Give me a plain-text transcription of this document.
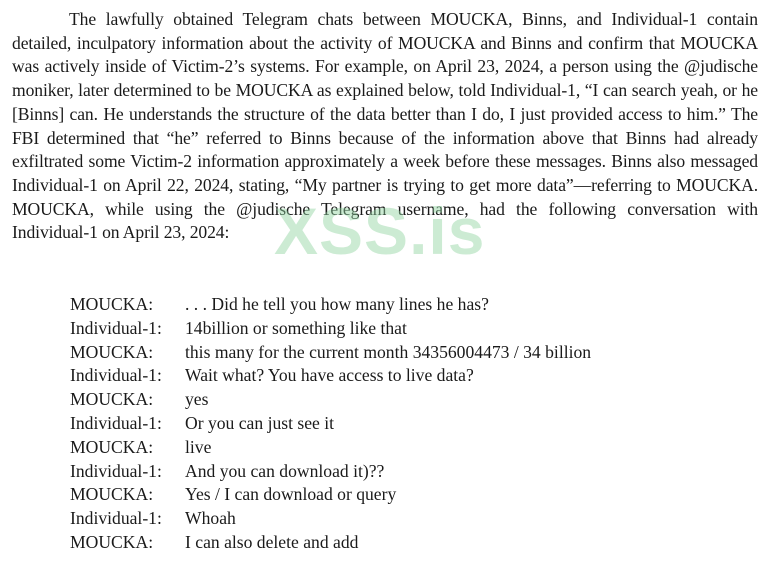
The lawfully obtained Telegram chats between MOUCKA, Binns, and Individual-1 contain detailed, inculpatory information about the activity of MOUCKA and Binns and confirm that MOUCKA was actively inside of Victim-2’s systems. For example, on April 23, 2024, a person using the @judische moniker, later determined to be MOUCKA as explained below, told Individual-1, “I can search yeah, or he [Binns] can. He understands the structure of the data better than I do, I just provided access to him.” The FBI determined that “he” referred to Binns because of the information above that Binns had already exfiltrated some Victim-2 information approximately a week before these messages. Binns also messaged Individual-1 on April 22, 2024, stating, “My partner is trying to get more data”—referring to MOUCKA. MOUCKA, while using the @judische Telegram username, had the following conversation with Individual-1 on April 23, 2024:

MOUCKA:	. . . Did he tell you how many lines he has?
Individual-1:	14billion or something like that
MOUCKA:	this many for the current month 34356004473 / 34 billion
Individual-1:	Wait what? You have access to live data?
MOUCKA:	yes
Individual-1:	Or you can just see it
MOUCKA:	live
Individual-1:	And you can download it)??
MOUCKA:	Yes / I can download or query
Individual-1:	Whoah
MOUCKA:	I can also delete and add
XSS.is
